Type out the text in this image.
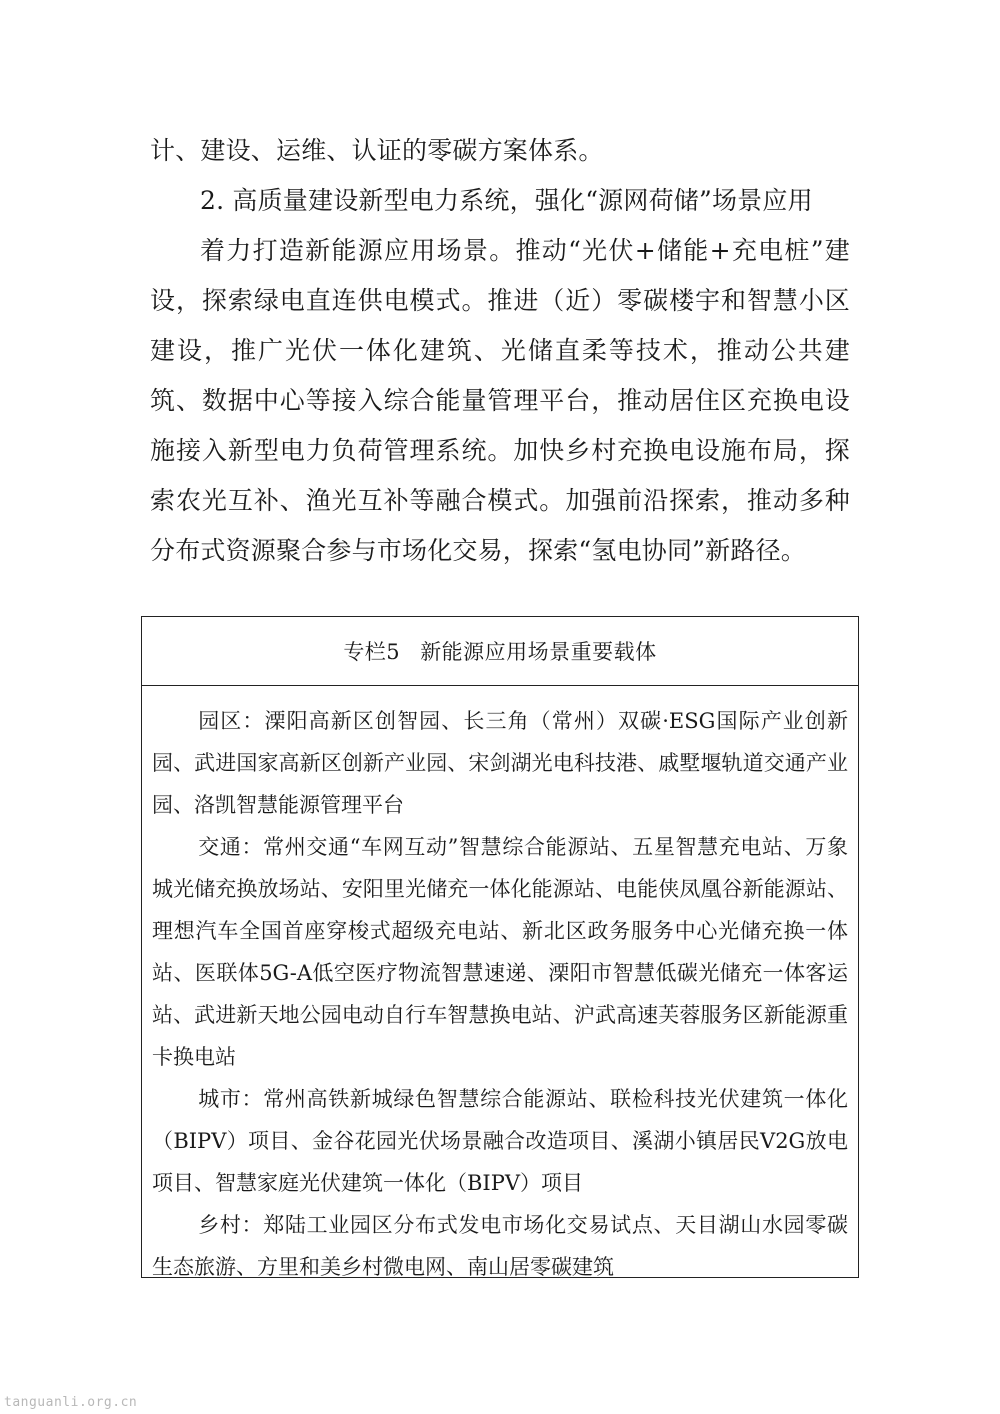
计、建设、运维、认证的零碳方案体系。

2. 高质量建设新型电力系统，强化“源网荷储”场景应用

着力打造新能源应用场景。推动“光伏+储能+充电桩”建设，探索绿电直连供电模式。推进（近）零碳楼宇和智慧小区建设，推广光伏一体化建筑、光储直柔等技术，推动公共建筑、数据中心等接入综合能量管理平台，推动居住区充换电设施接入新型电力负荷管理系统。加快乡村充换电设施布局，探索农光互补、渔光互补等融合模式。加强前沿探索，推动多种分布式资源聚合参与市场化交易，探索“氢电协同”新路径。

专栏5 新能源应用场景重要载体

园区：溧阳高新区创智园、长三角（常州）双碳·ESG国际产业创新园、武进国家高新区创新产业园、宋剑湖光电科技港、戚墅堰轨道交通产业园、洛凯智慧能源管理平台

交通：常州交通“车网互动”智慧综合能源站、五星智慧充电站、万象城光储充换放场站、安阳里光储充一体化能源站、电能侠凤凰谷新能源站、理想汽车全国首座穿梭式超级充电站、新北区政务服务中心光储充换一体站、医联体5G-A低空医疗物流智慧速递、溧阳市智慧低碳光储充一体客运站、武进新天地公园电动自行车智慧换电站、沪武高速芙蓉服务区新能源重卡换电站

城市：常州高铁新城绿色智慧综合能源站、联检科技光伏建筑一体化（BIPV）项目、金谷花园光伏场景融合改造项目、溪湖小镇居民V2G放电项目、智慧家庭光伏建筑一体化（BIPV）项目

乡村：郑陆工业园区分布式发电市场化交易试点、天目湖山水园零碳生态旅游、方里和美乡村微电网、南山居零碳建筑

tanguanli.org.cn
